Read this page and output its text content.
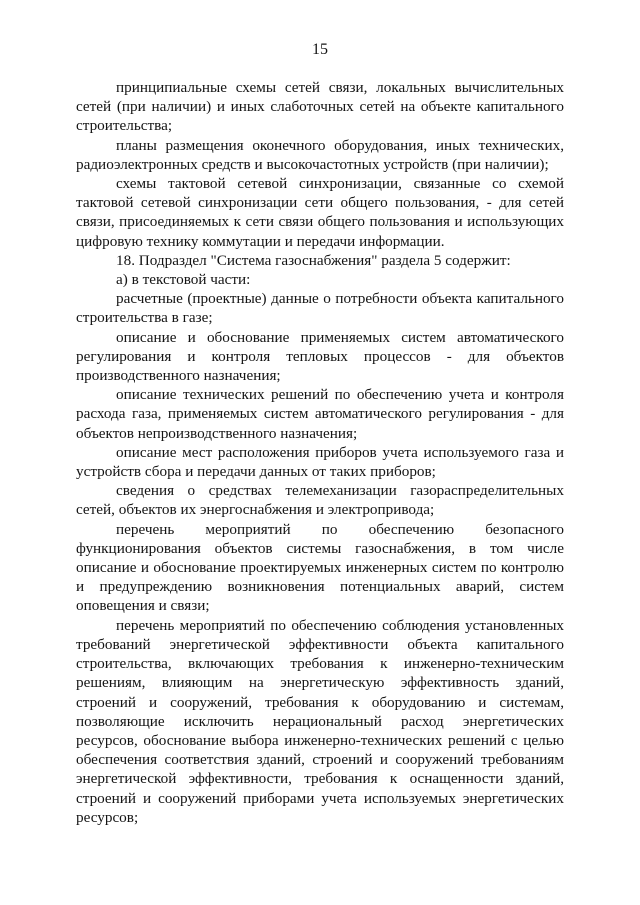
15

принципиальные схемы сетей связи, локальных вычислительных сетей (при наличии) и иных слаботочных сетей на объекте капитального строительства;

планы размещения оконечного оборудования, иных технических, радиоэлектронных средств и высокочастотных устройств (при наличии);

схемы тактовой сетевой синхронизации, связанные со схемой тактовой сетевой синхронизации сети общего пользования, - для сетей связи, присоединяемых к сети связи общего пользования и использующих цифровую технику коммутации и передачи информации.

18. Подраздел "Система газоснабжения" раздела 5 содержит:

а) в текстовой части:

расчетные (проектные) данные о потребности объекта капитального строительства в газе;

описание и обоснование применяемых систем автоматического регулирования и контроля тепловых процессов - для объектов производственного назначения;

описание технических решений по обеспечению учета и контроля расхода газа, применяемых систем автоматического регулирования - для объектов непроизводственного назначения;

описание мест расположения приборов учета используемого газа и устройств сбора и передачи данных от таких приборов;

сведения о средствах телемеханизации газораспределительных сетей, объектов их энергоснабжения и электропривода;

перечень мероприятий по обеспечению безопасного функционирования объектов системы газоснабжения, в том числе описание и обоснование проектируемых инженерных систем по контролю и предупреждению возникновения потенциальных аварий, систем оповещения и связи;

перечень мероприятий по обеспечению соблюдения установленных требований энергетической эффективности объекта капитального строительства, включающих требования к инженерно-техническим решениям, влияющим на энергетическую эффективность зданий, строений и сооружений, требования к оборудованию и системам, позволяющие исключить нерациональный расход энергетических ресурсов, обоснование выбора инженерно-технических решений с целью обеспечения соответствия зданий, строений и сооружений требованиям энергетической эффективности, требования к оснащенности зданий, строений и сооружений приборами учета используемых энергетических ресурсов;
